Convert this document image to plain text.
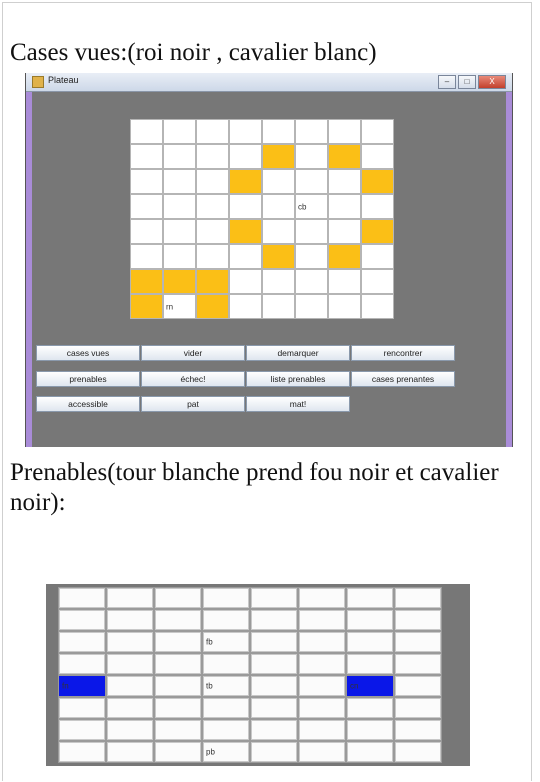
Cases vues:(roi noir , cavalier blanc)
Plateau	–	□	X
cb
rn
cases vues	vider	demarquer	rencontrer
prenables	échec!	liste prenables	cases prenantes
accessible	pat	mat!
Prenables(tour blanche prend fou noir et cavalier noir):
fb
fn	tb	cn
pb
